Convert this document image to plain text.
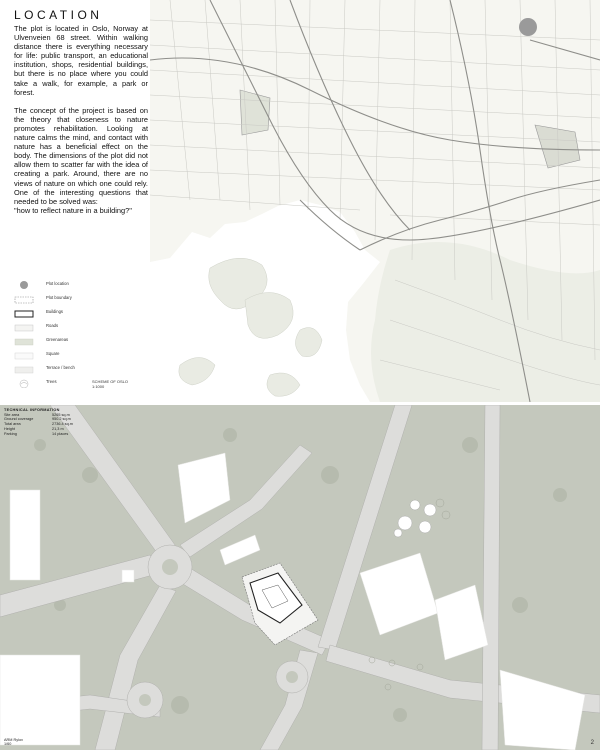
LOCATION

The plot is located in Oslo, Norway at Ulvenveien 68 street. Within walking distance there is everything necessary for life: public transport, an educational institution, shops, residential buildings, but there is no place where you could take a walk, for example, a park or forest.

The concept of the project is based on the theory that closeness to nature promotes rehabilitation. Looking at nature calms the mind, and contact with nature has a beneficial effect on the body. The dimensions of the plot did not allow them to scatter far with the idea of creating a park. Around, there are no views of nature on which one could rely. One of the interesting questions that needed to be solved was:

"how to reflect nature in a building?"

Plot location
Plot boundary
Buildings
Roads
Greenareas
Square
Terrace / bench
Trees	SCHEME OF OSLO
1:1000
TECHNICAL INFORMATION
Site area	5265 sq.m
Ground coverage	950.2 sq.m
Total area	2736.4 sq.m
Height	21,3 m
Parking	14 places
ARM Rylov
1/60	2
